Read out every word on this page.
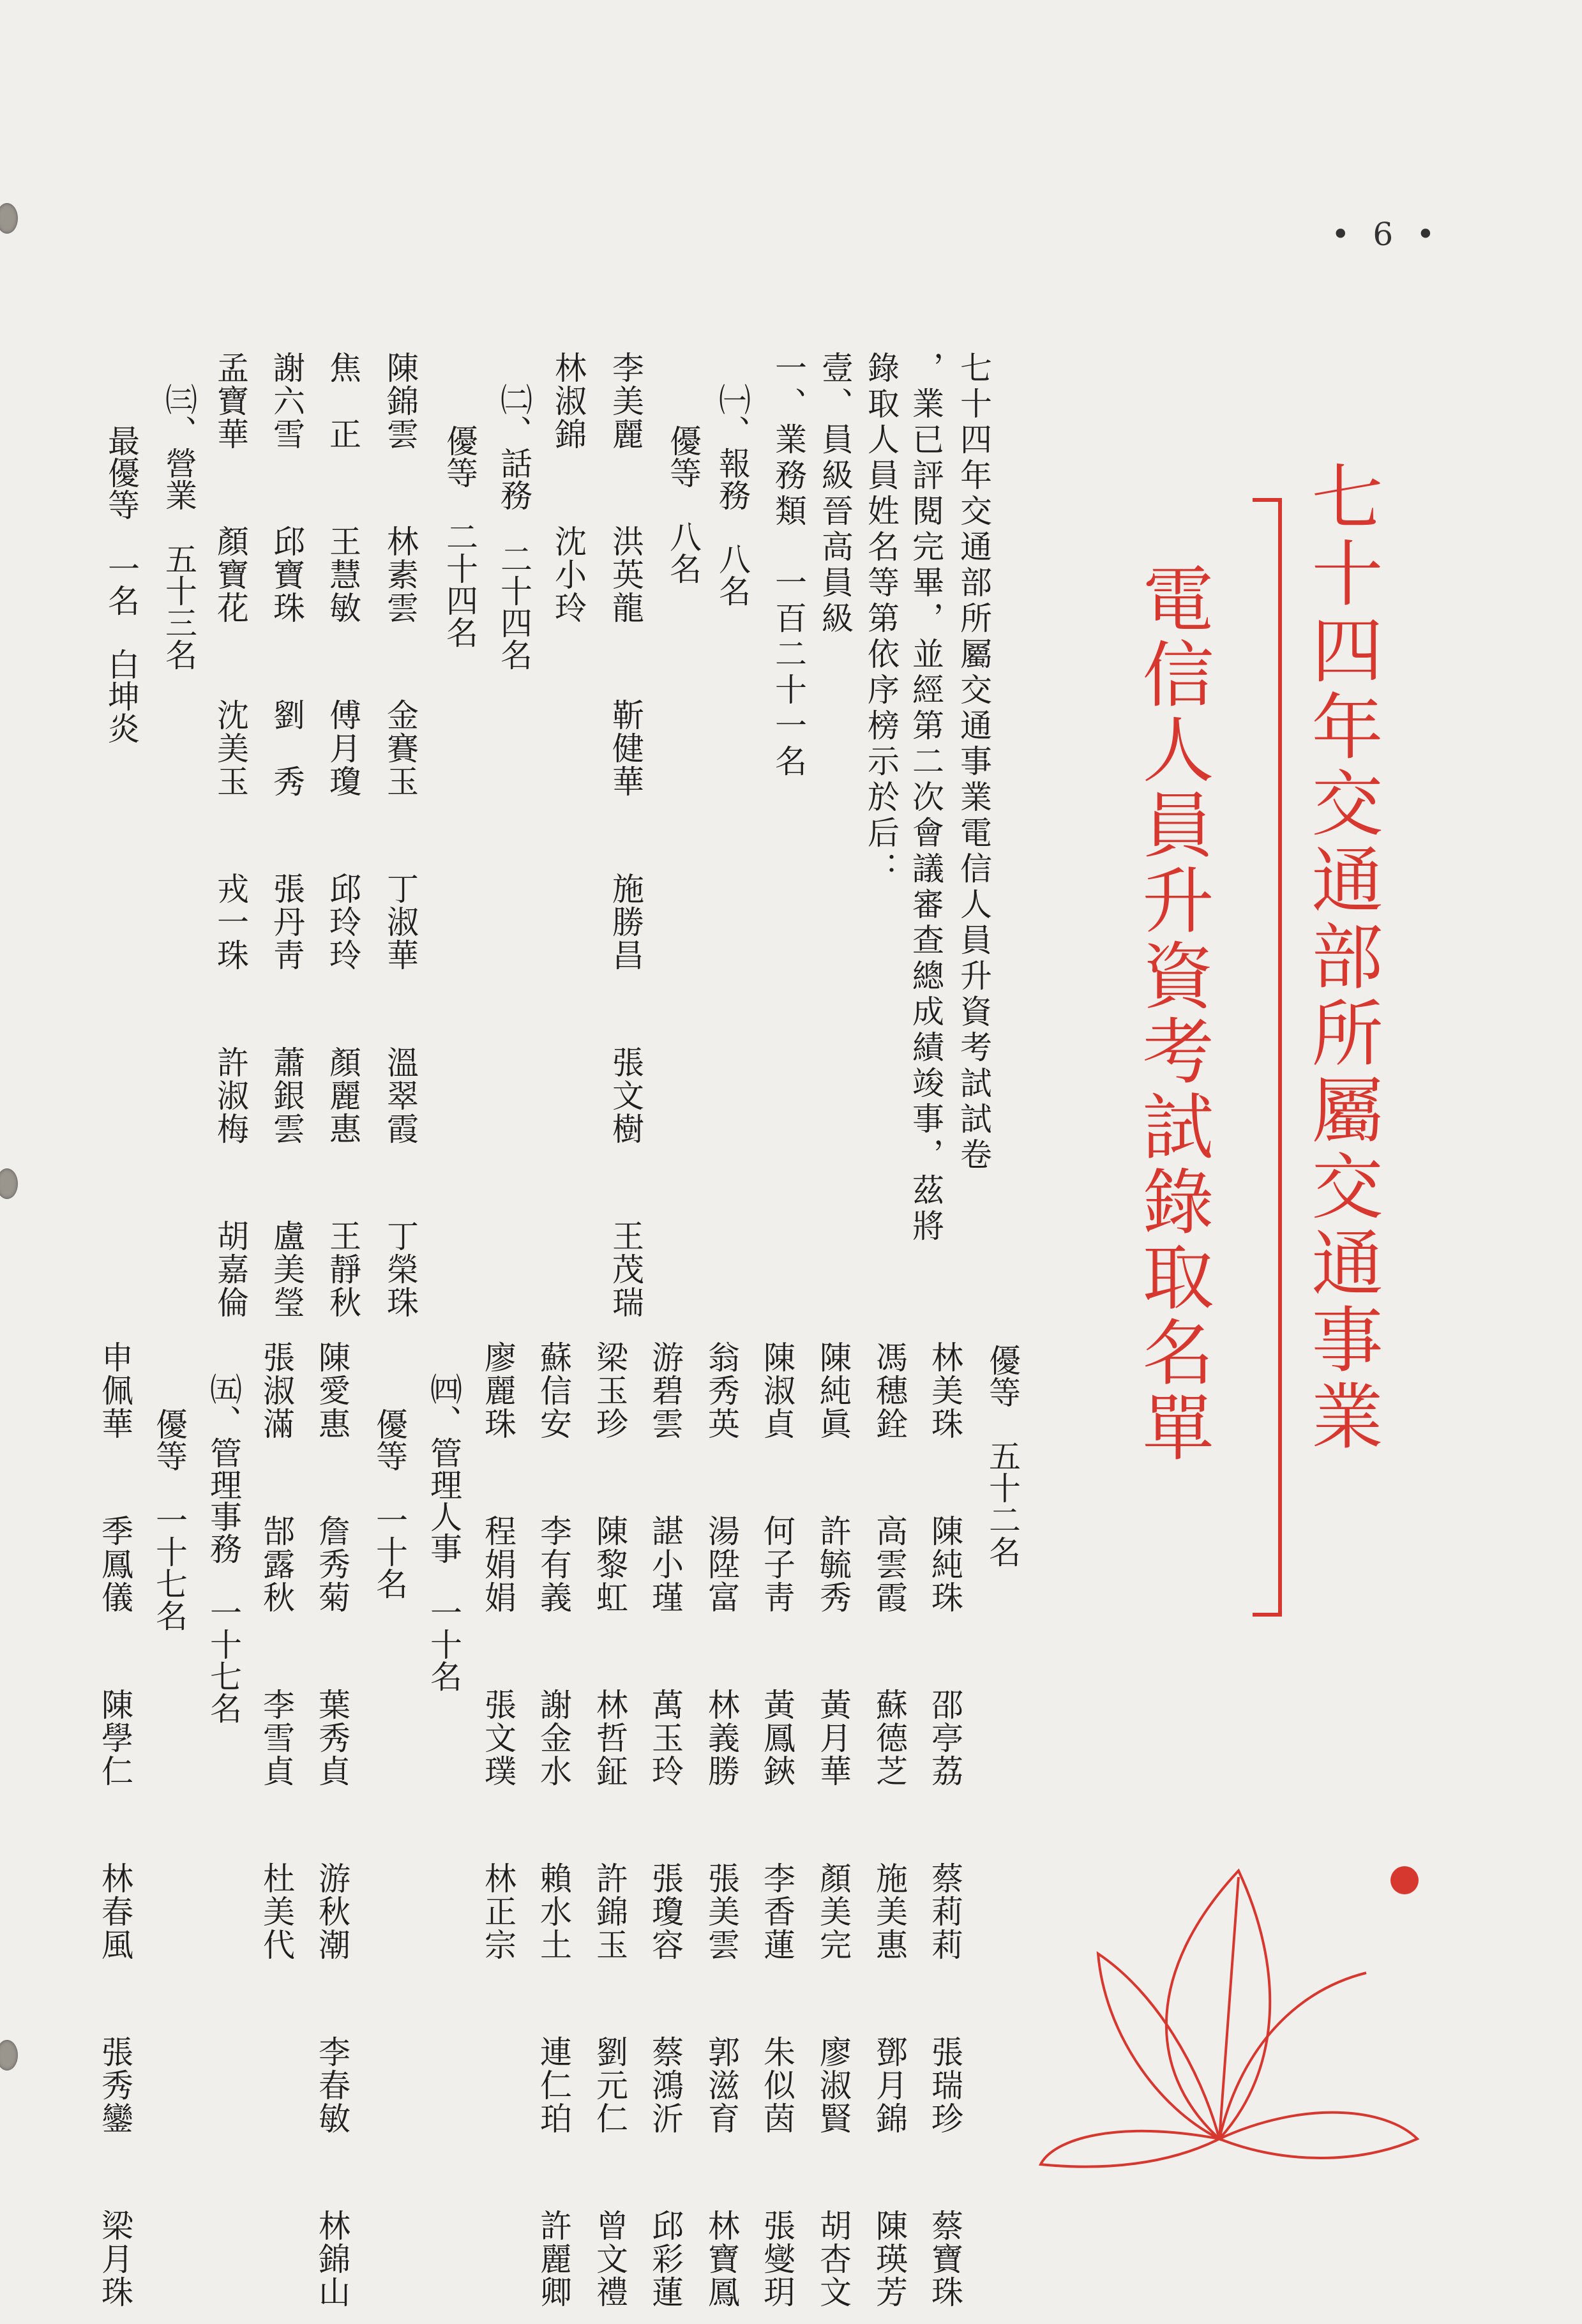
• 6 •
七十四年交通部所屬交通事業
電信人員升資考試錄取名單
七十四年交通部所屬交通事業電信人員升資考試試卷
，業已評閱完畢，並經第二次會議審查總成績竣事，茲將
錄取人員姓名等第依序榜示於后：
壹、員級晉高員級
一、業務類　一百二十一名
㈠、報務　八名
優等　八名
李美麗 洪英龍 靳健華 施勝昌 張文樹 王茂瑞
林淑錦 沈小玲
㈡、話務　二十四名
優等　二十四名
陳錦雲 林素雲 金賽玉 丁淑華 溫翠霞 丁榮珠
焦　正 王慧敏 傅月瓊 邱玲玲 顏麗惠 王靜秋
謝六雪 邱寶珠 劉　秀 張丹靑 蕭銀雲 盧美瑩
孟寶華 顏寶花 沈美玉 戎一珠 許淑梅 胡嘉倫
㈢、營業　五十三名
最優等　一名　白坤炎
優等　五十二名
林美珠 陳純珠 邵亭荔 蔡莉莉 張瑞珍 蔡寶珠
馮穗銓 高雲霞 蘇德芝 施美惠 鄧月錦 陳瑛芳
陳純眞 許毓秀 黃月華 顏美完 廖淑賢 胡杏文
陳淑貞 何子靑 黃鳳鋏 李香蓮 朱似茵 張燮玥
翁秀英 湯陞富 林義勝 張美雲 郭滋育 林寶鳳
游碧雲 諶小瑾 萬玉玲 張瓊容 蔡鴻沂 邱彩蓮
梁玉珍 陳黎虹 林哲鉦 許錦玉 劉元仁 曾文禮
蘇信安 李有義 謝金水 賴水土 連仁珀 許麗卿
廖麗珠 程娟娟 張文璞 林正宗
㈣、管理人事　一十名
優等　一十名
陳愛惠 詹秀菊 葉秀貞 游秋潮 李春敏 林錦山
張淑滿 郜露秋 李雪貞 杜美代
㈤、管理事務　一十七名
優等　一十七名
申佩華 季鳳儀 陳學仁 林春風 張秀鑾 梁月珠
